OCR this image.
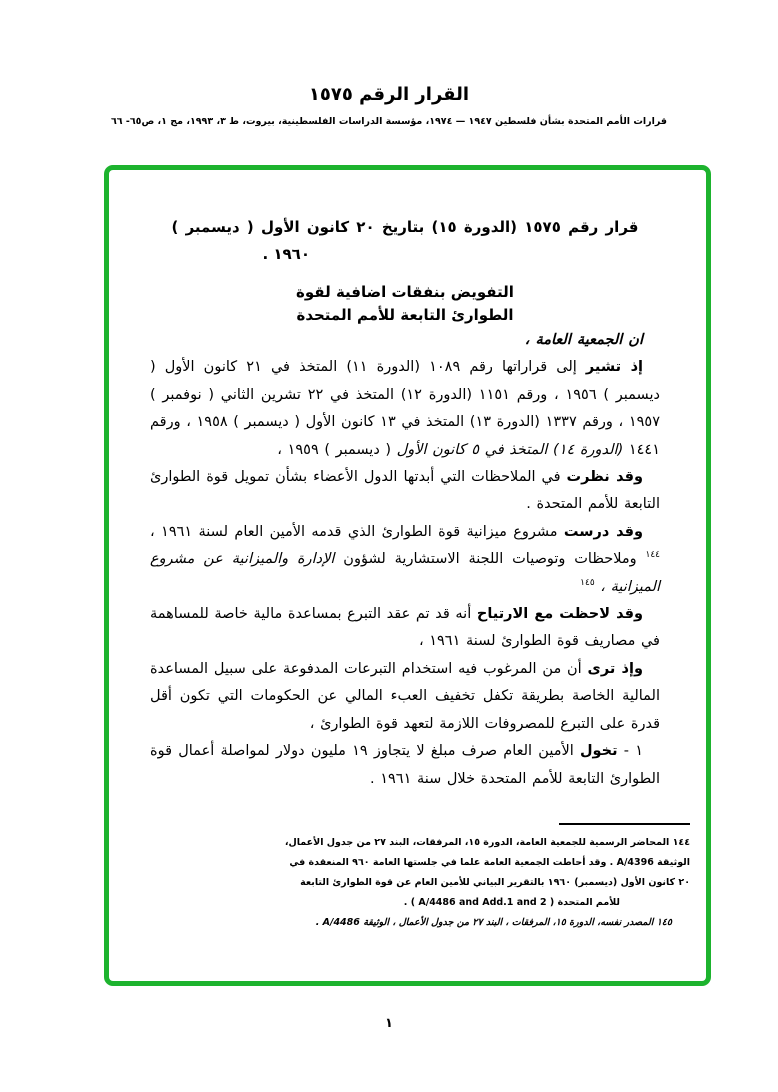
القرار الرقم ١٥٧٥
قرارات الأمم المتحدة بشأن فلسطين ١٩٤٧ — ١٩٧٤، مؤسسة الدراسات الفلسطينية، بيروت، ط ٣، ١٩٩٣، مج ١، ص٦٥- ٦٦
قرار رقم ١٥٧٥ (الدورة ١٥) بتاريخ ٢٠ كانون الأول ( ديسمبر )
١٩٦٠ .
التفويض بنفقات اضافية لقوة
الطوارئ التابعة للأمم المتحدة

ان الجمعية العامة ،

إذ تشير إلى قراراتها رقم ١٠٨٩ (الدورة ١١) المتخذ في ٢١ كانون الأول ( ديسمبر ) ١٩٥٦ ، ورقم ١١٥١ (الدورة ١٢) المتخذ في ٢٢ تشرين الثاني ( نوفمبر ) ١٩٥٧ ، ورقم ١٣٣٧ (الدورة ١٣) المتخذ في ١٣ كانون الأول ( ديسمبر ) ١٩٥٨ ، ورقم ١٤٤١ (الدورة ١٤) المتخذ في ٥ كانون الأول ( ديسمبر ) ١٩٥٩ ،

وقد نظرت في الملاحظات التي أبدتها الدول الأعضاء بشأن تمويل قوة الطوارئ التابعة للأمم المتحدة .

وقد درست مشروع ميزانية قوة الطوارئ الذي قدمه الأمين العام لسنة ١٩٦١ ، $^{١٤٤}$ وملاحظات وتوصيات اللجنة الاستشارية لشؤون الإدارة والميزانية عن مشروع الميزانية ، $^{١٤٥}$

وقد لاحظت مع الارتياح أنه قد تم عقد التبرع بمساعدة مالية خاصة للمساهمة في مصاريف قوة الطوارئ لسنة ١٩٦١ ،

وإذ ترى أن من المرغوب فيه استخدام التبرعات المدفوعة على سبيل المساعدة المالية الخاصة بطريقة تكفل تخفيف العبء المالي عن الحكومات التي تكون أقل قدرة على التبرع للمصروفات اللازمة لتعهد قوة الطوارئ ،

١ - تخول الأمين العام صرف مبلغ لا يتجاوز ١٩ مليون دولار لمواصلة أعمال قوة الطوارئ التابعة للأمم المتحدة خلال سنة ١٩٦١ .

١٤٤ المحاضر الرسمية للجمعية العامة، الدورة ١٥، المرفقات، البند ٢٧ من جدول الأعمال،
الوثيقة A/4396 . وقد أحاطت الجمعية العامة علما في جلستها العامة ٩٦٠ المنعقدة في
٢٠ كانون الأول (ديسمبر) ١٩٦٠ بالتقرير البياني للأمين العام عن قوة الطوارئ التابعة
للأمم المتحدة ( A/4486 and Add.1 and 2 ) .
١٤٥ المصدر نفسه، الدورة ١٥، المرفقات ، البند ٢٧ من جدول الأعمال ، الوثيقة A/4486 .
١
